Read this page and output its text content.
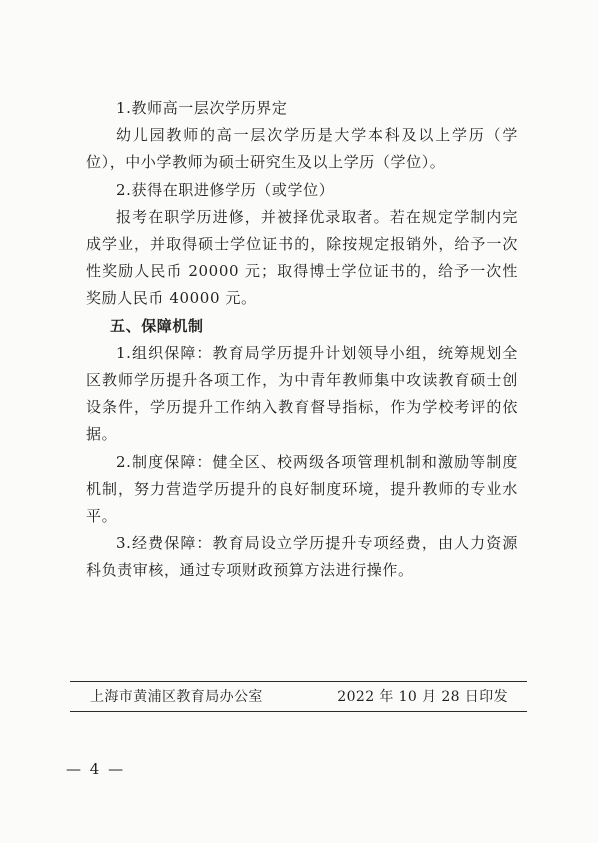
1.教师高一层次学历界定

幼儿园教师的高一层次学历是大学本科及以上学历（学位），中小学教师为硕士研究生及以上学历（学位）。

2.获得在职进修学历（或学位）

报考在职学历进修，并被择优录取者。若在规定学制内完成学业，并取得硕士学位证书的，除按规定报销外，给予一次性奖励人民币 20000 元；取得博士学位证书的，给予一次性奖励人民币 40000 元。

五、保障机制

1.组织保障：教育局学历提升计划领导小组，统筹规划全区教师学历提升各项工作，为中青年教师集中攻读教育硕士创设条件，学历提升工作纳入教育督导指标，作为学校考评的依据。

2.制度保障：健全区、校两级各项管理机制和激励等制度机制，努力营造学历提升的良好制度环境，提升教师的专业水平。

3.经费保障：教育局设立学历提升专项经费，由人力资源科负责审核，通过专项财政预算方法进行操作。

上海市黄浦区教育局办公室	2022 年 10 月 28 日印发
— 4 —
